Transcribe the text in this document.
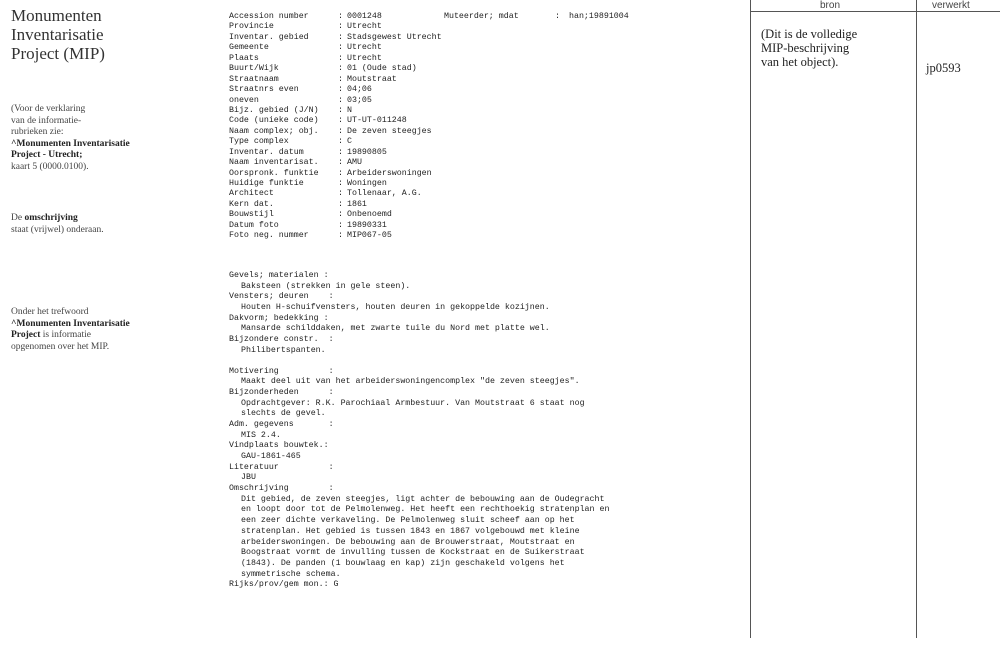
Monumenten
Inventarisatie
Project (MIP)
(Voor de verklaring
van de informatie-
rubrieken zie:
^Monumenten Inventarisatie
Project - Utrecht;
kaart 5 (0000.0100).
De omschrijving
staat (vrijwel) onderaan.
Onder het trefwoord
^Monumenten Inventarisatie
Project is informatie
opgenomen over het MIP.
Accession number	: 0001248	Muteerder; mdat	: han;19891004
Provincie	: Utrecht
Inventar. gebied	: Stadsgewest Utrecht
Gemeente	: Utrecht
Plaats	: Utrecht
Buurt/Wijk	: 01 (Oude stad)
Straatnaam	: Moutstraat
Straatnrs even	: 04;06
oneven	: 03;05
Bijz. gebied (J/N) : N
Code (unieke code) : UT-UT-011248
Naam complex; obj. : De zeven steegjes
Type complex	: C
Inventar. datum	: 19890805
Naam inventarisat. : AMU
Oorspronk. funktie : Arbeiderswoningen
Huidige funktie	: Woningen
Architect	: Tollenaar, A.G.
Kern dat.	: 1861
Bouwstijl	: Onbenoemd
Datum foto	: 19890331
Foto neg. nummer	: MIP067-05
Gevels; materialen :
Baksteen (strekken in gele steen).
Vensters; deuren    :
Houten H-schuifvensters, houten deuren in gekoppelde kozijnen.
Dakvorm; bedekking :
Mansarde schilddaken, met zwarte tuile du Nord met platte wel.
Bijzondere constr.  :
Philibertspanten.
Motivering          :
Maakt deel uit van het arbeiderswoningencomplex "de zeven steegjes".
Bijzonderheden      :
Opdrachtgever: R.K. Parochiaal Armbestuur. Van Moutstraat 6 staat nog
slechts de gevel.
Adm. gegevens       :
MIS 2.4.
Vindplaats bouwtek.:
GAU-1861-465
Literatuur          :
JBU
Omschrijving        :
Dit gebied, de zeven steegjes, ligt achter de bebouwing aan de Oudegracht
en loopt door tot de Pelmolenweg. Het heeft een rechthoekig stratenplan en
een zeer dichte verkaveling. De Pelmolenweg sluit scheef aan op het
stratenplan. Het gebied is tussen 1843 en 1867 volgebouwd met kleine
arbeiderswoningen. De bebouwing aan de Brouwerstraat, Moutstraat en
Boogstraat vormt de invulling tussen de Kockstraat en de Suikerstraat
(1843). De panden (1 bouwlaag en kap) zijn geschakeld volgens het
symmetrische schema.
Rijks/prov/gem mon.: G
bron	verwerkt
(Dit is de volledige
MIP-beschrijving
van het object).	jp0593
